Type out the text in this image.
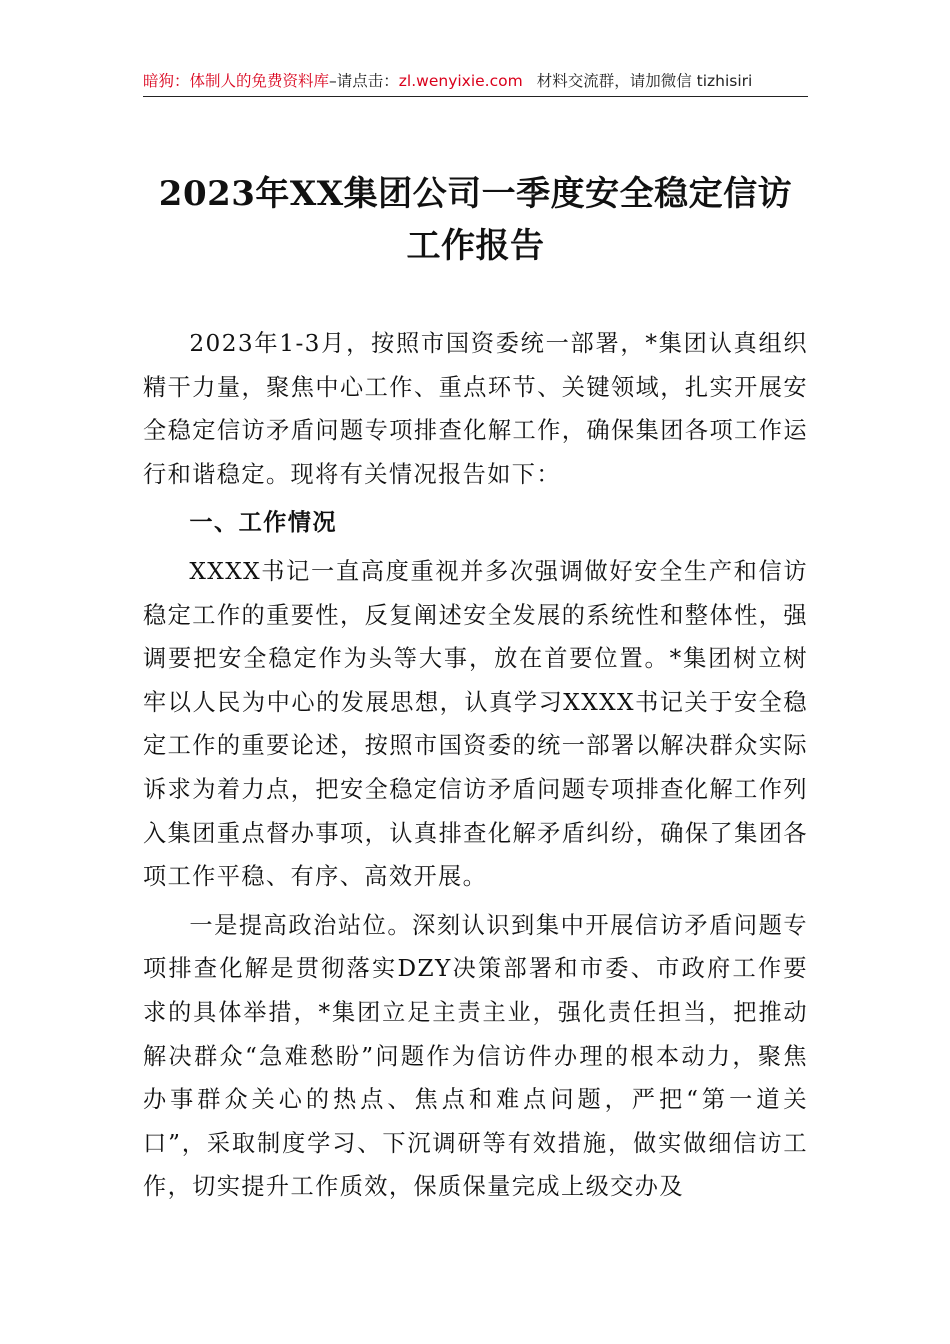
暗狗：体制人的免费资料库–请点击：zl.wenyixie.com 材料交流群，请加微信 tizhisiri
2023年XX集团公司一季度安全稳定信访
工作报告

2023年1-3月，按照市国资委统一部署，*集团认真组织精干力量，聚焦中心工作、重点环节、关键领域，扎实开展安全稳定信访矛盾问题专项排查化解工作，确保集团各项工作运行和谐稳定。现将有关情况报告如下：

一、工作情况

XXXX书记一直高度重视并多次强调做好安全生产和信访稳定工作的重要性，反复阐述安全发展的系统性和整体性，强调要把安全稳定作为头等大事，放在首要位置。*集团树立树牢以人民为中心的发展思想，认真学习XXXX书记关于安全稳定工作的重要论述，按照市国资委的统一部署以解决群众实际诉求为着力点，把安全稳定信访矛盾问题专项排查化解工作列入集团重点督办事项，认真排查化解矛盾纠纷，确保了集团各项工作平稳、有序、高效开展。

一是提高政治站位。深刻认识到集中开展信访矛盾问题专项排查化解是贯彻落实DZY决策部署和市委、市政府工作要求的具体举措，*集团立足主责主业，强化责任担当，把推动解决群众“急难愁盼”问题作为信访件办理的根本动力，聚焦办事群众关心的热点、焦点和难点问题，严把“第一道关口”，采取制度学习、下沉调研等有效措施，做实做细信访工作，切实提升工作质效，保质保量完成上级交办及
